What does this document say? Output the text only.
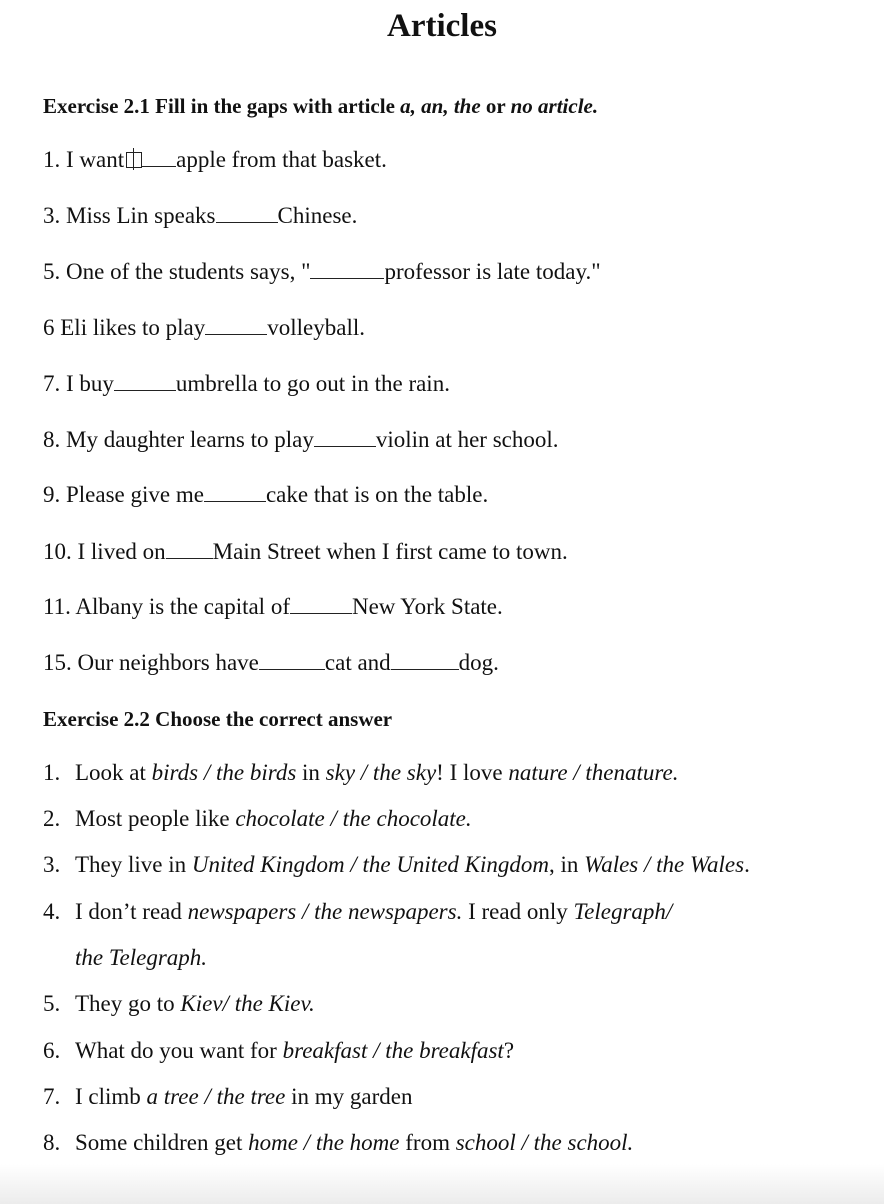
Articles
Exercise 2.1 Fill in the gaps with article a, an, the or no article.
1. I want apple from that basket.
3. Miss Lin speaks	Chinese.
5. One of the students says, "	professor is late today."
6 Eli likes to play	volleyball.
7. I buy	umbrella to go out in the rain.
8. My daughter learns to play	violin at her school.
9. Please give me	cake that is on the table.
10. I lived on Main Street when I first came to town.
11. Albany is the capital of	New York State.
15. Our neighbors have	cat and	dog.
Exercise 2.2 Choose the correct answer
1. Look at birds / the birds in sky / the sky! I love nature / thenature.
2. Most people like chocolate / the chocolate.
3. They live in United Kingdom / the United Kingdom, in Wales / the Wales.
4. I don’t read newspapers / the newspapers. I read only Telegraph/
the Telegraph.
5. They go to Kiev/ the Kiev.
6. What do you want for breakfast / the breakfast?
7. I climb a tree / the tree in my garden
8. Some children get home / the home from school / the school.
